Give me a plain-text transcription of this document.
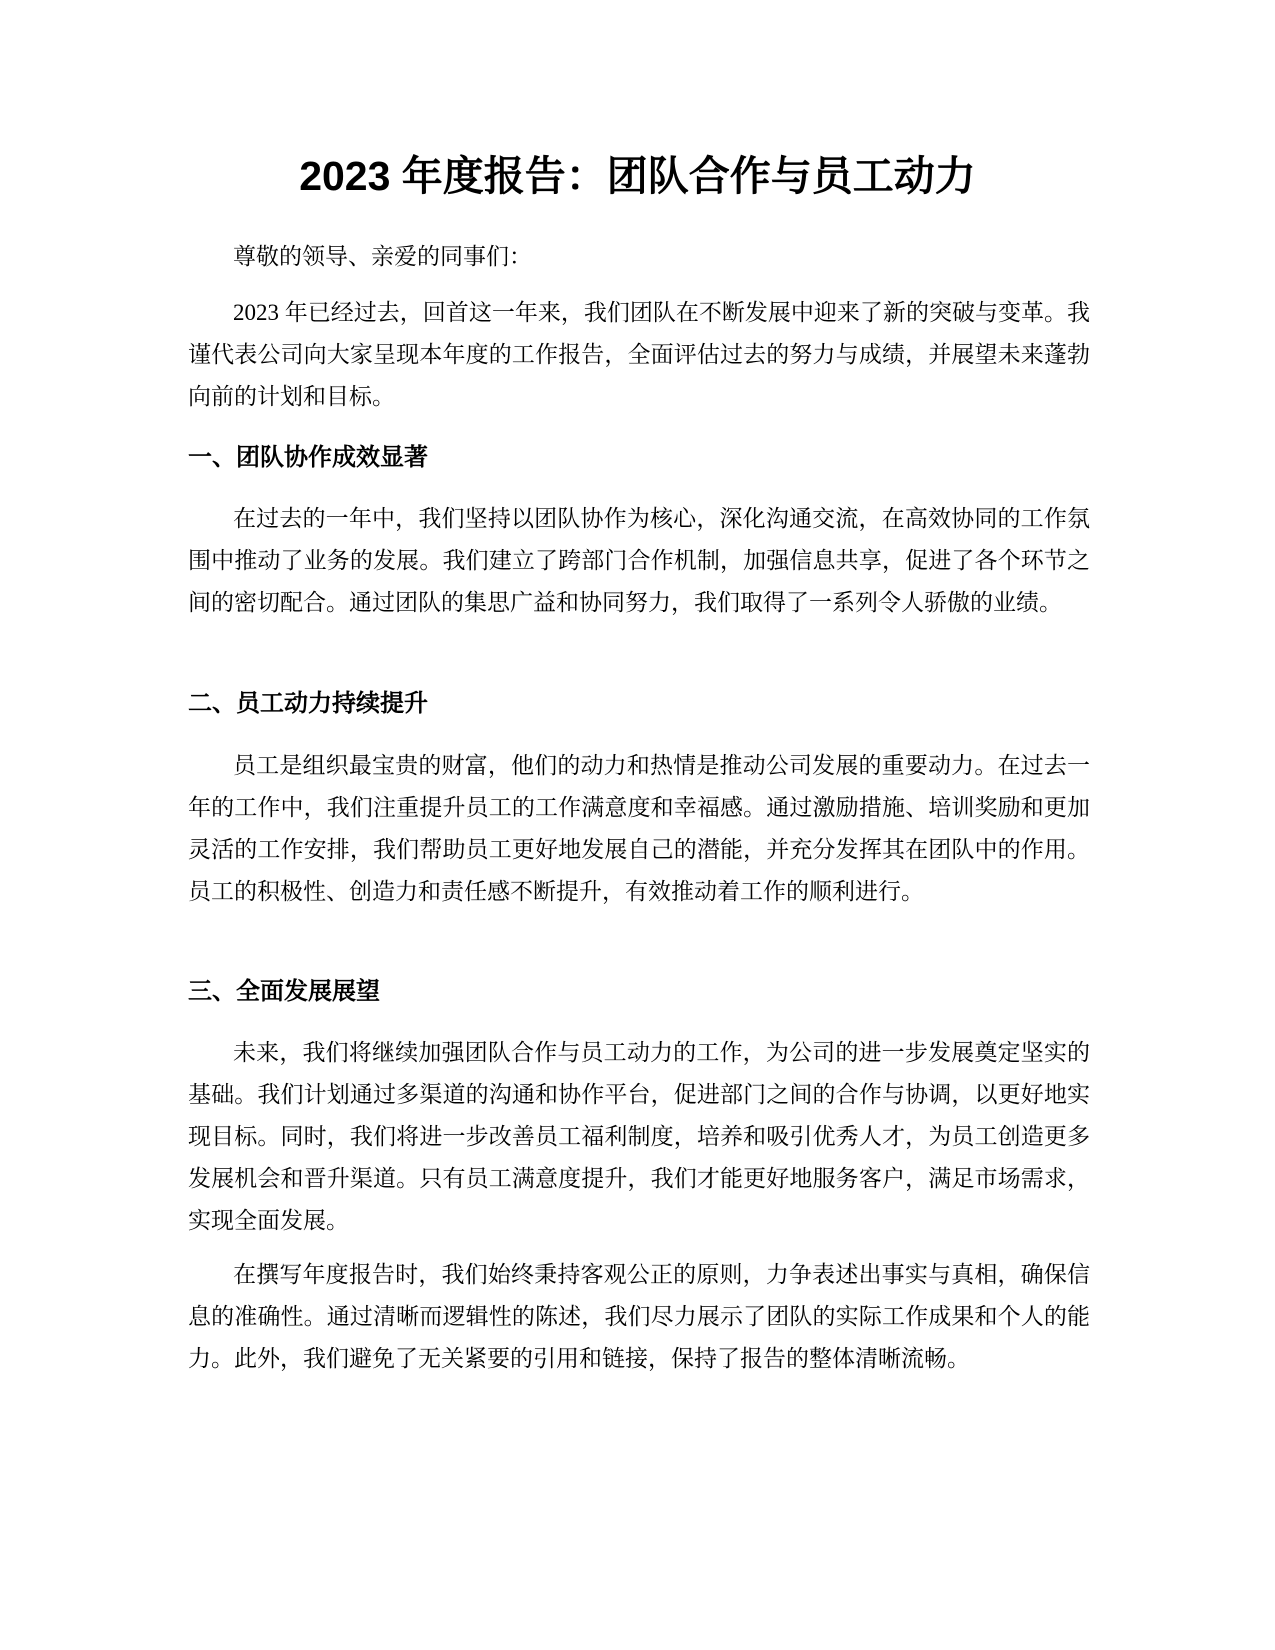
2023 年度报告：团队合作与员工动力

尊敬的领导、亲爱的同事们：

2023 年已经过去，回首这一年来，我们团队在不断发展中迎来了新的突破与变革。我谨代表公司向大家呈现本年度的工作报告，全面评估过去的努力与成绩，并展望未来蓬勃向前的计划和目标。

一、团队协作成效显著

在过去的一年中，我们坚持以团队协作为核心，深化沟通交流，在高效协同的工作氛围中推动了业务的发展。我们建立了跨部门合作机制，加强信息共享，促进了各个环节之间的密切配合。通过团队的集思广益和协同努力，我们取得了一系列令人骄傲的业绩。

二、员工动力持续提升

员工是组织最宝贵的财富，他们的动力和热情是推动公司发展的重要动力。在过去一年的工作中，我们注重提升员工的工作满意度和幸福感。通过激励措施、培训奖励和更加灵活的工作安排，我们帮助员工更好地发展自己的潜能，并充分发挥其在团队中的作用。员工的积极性、创造力和责任感不断提升，有效推动着工作的顺利进行。

三、全面发展展望

未来，我们将继续加强团队合作与员工动力的工作，为公司的进一步发展奠定坚实的基础。我们计划通过多渠道的沟通和协作平台，促进部门之间的合作与协调，以更好地实现目标。同时，我们将进一步改善员工福利制度，培养和吸引优秀人才，为员工创造更多发展机会和晋升渠道。只有员工满意度提升，我们才能更好地服务客户，满足市场需求，实现全面发展。

在撰写年度报告时，我们始终秉持客观公正的原则，力争表述出事实与真相，确保信息的准确性。通过清晰而逻辑性的陈述，我们尽力展示了团队的实际工作成果和个人的能力。此外，我们避免了无关紧要的引用和链接，保持了报告的整体清晰流畅。
